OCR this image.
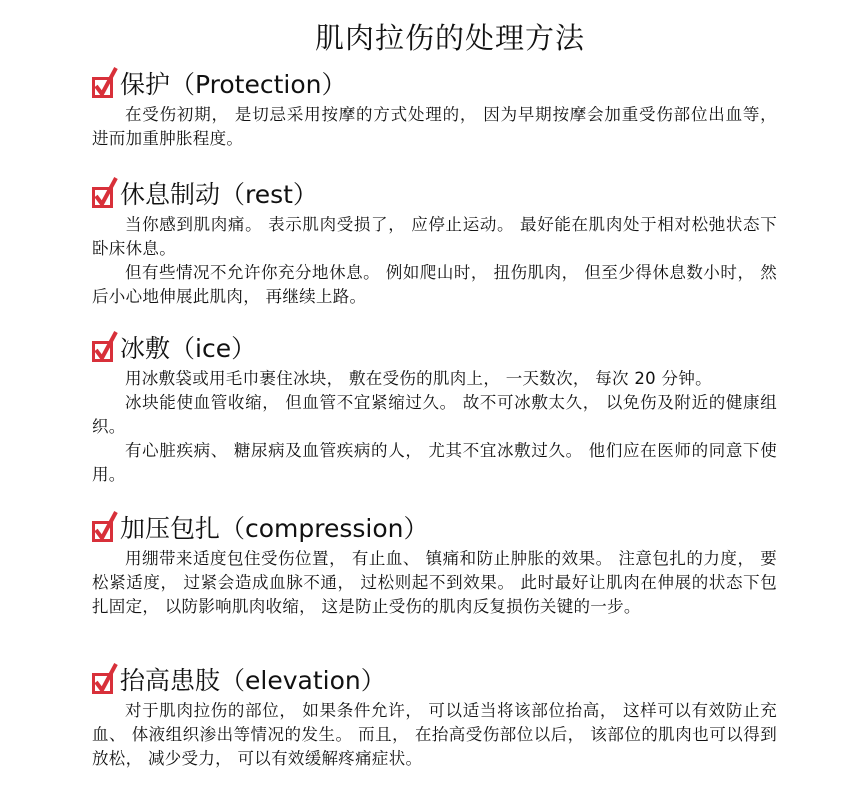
肌肉拉伤的处理方法
保护（Protection）

在受伤初期， 是切忌采用按摩的方式处理的， 因为早期按摩会加重受伤部位出血等， 进而加重肿胀程度。

休息制动（rest）

当你感到肌肉痛。 表示肌肉受损了， 应停止运动。 最好能在肌肉处于相对松弛状态下卧床休息。

但有些情况不允许你充分地休息。 例如爬山时， 扭伤肌肉， 但至少得休息数小时， 然后小心地伸展此肌肉， 再继续上路。

冰敷（ice）

用冰敷袋或用毛巾裹住冰块， 敷在受伤的肌肉上， 一天数次， 每次 20 分钟。

冰块能使血管收缩， 但血管不宜紧缩过久。 故不可冰敷太久， 以免伤及附近的健康组织。

有心脏疾病、 糖尿病及血管疾病的人， 尤其不宜冰敷过久。 他们应在医师的同意下使用。

加压包扎（compression）

用绷带来适度包住受伤位置， 有止血、 镇痛和防止肿胀的效果。 注意包扎的力度， 要松紧适度， 过紧会造成血脉不通， 过松则起不到效果。 此时最好让肌肉在伸展的状态下包扎固定， 以防影响肌肉收缩， 这是防止受伤的肌肉反复损伤关键的一步。

抬高患肢（elevation）

对于肌肉拉伤的部位， 如果条件允许， 可以适当将该部位抬高， 这样可以有效防止充血、 体液组织渗出等情况的发生。 而且， 在抬高受伤部位以后， 该部位的肌肉也可以得到放松， 减少受力， 可以有效缓解疼痛症状。
